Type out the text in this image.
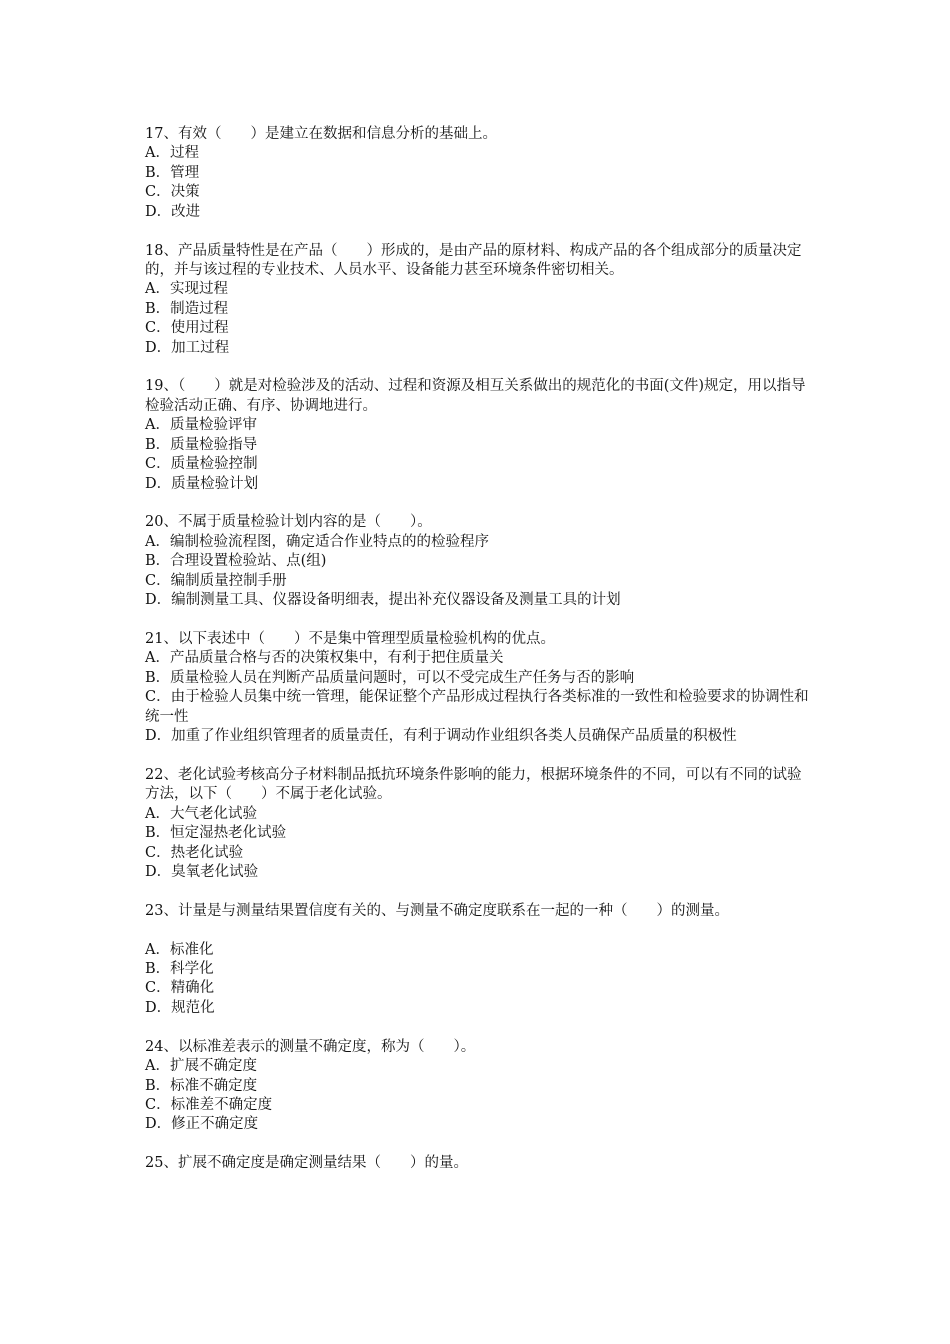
17、有效（　　）是建立在数据和信息分析的基础上。
A．过程
B．管理
C．决策
D．改进
18、产品质量特性是在产品（　　）形成的，是由产品的原材料、构成产品的各个组成部分的质量决定的，并与该过程的专业技术、人员水平、设备能力甚至环境条件密切相关。
A．实现过程
B．制造过程
C．使用过程
D．加工过程
19、（　　）就是对检验涉及的活动、过程和资源及相互关系做出的规范化的书面(文件)规定，用以指导检验活动正确、有序、协调地进行。
A．质量检验评审
B．质量检验指导
C．质量检验控制
D．质量检验计划
20、不属于质量检验计划内容的是（　　）。
A．编制检验流程图，确定适合作业特点的的检验程序
B．合理设置检验站、点(组)
C．编制质量控制手册
D．编制测量工具、仪器设备明细表，提出补充仪器设备及测量工具的计划
21、以下表述中（　　）不是集中管理型质量检验机构的优点。
A．产品质量合格与否的决策权集中，有利于把住质量关
B．质量检验人员在判断产品质量问题时，可以不受完成生产任务与否的影响
C．由于检验人员集中统一管理，能保证整个产品形成过程执行各类标准的一致性和检验要求的协调性和统一性
D．加重了作业组织管理者的质量责任，有利于调动作业组织各类人员确保产品质量的积极性
22、老化试验考核高分子材料制品抵抗环境条件影响的能力，根据环境条件的不同，可以有不同的试验方法，以下（　　）不属于老化试验。
A．大气老化试验
B．恒定湿热老化试验
C．热老化试验
D．臭氧老化试验
23、计量是与测量结果置信度有关的、与测量不确定度联系在一起的一种（　　）的测量。
A．标准化
B．科学化
C．精确化
D．规范化
24、以标准差表示的测量不确定度，称为（　　）。
A．扩展不确定度
B．标准不确定度
C．标准差不确定度
D．修正不确定度
25、扩展不确定度是确定测量结果（　　）的量。
